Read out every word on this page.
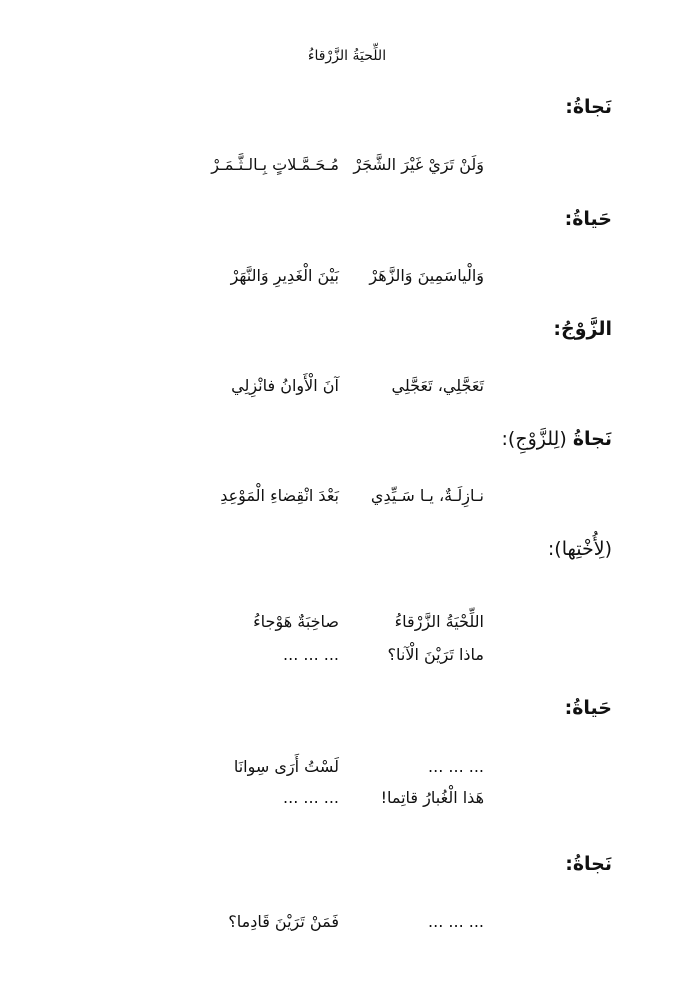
اللِّحيَةُ الزَّرْقاءُ
نَجاةُ:
وَلَنْ تَرَيْ غَيْرَ الشَّجَرْ
مُـحَـمَّـلاتٍ بِـالـثَّـمَـرْ
حَياةُ:
وَالْياسَمِينَ وَالزَّهَرْ
بَيْنَ الْغَدِيرِ وَالنَّهَرْ
الزَّوْجُ:
تَعَجَّلِي، تَعَجَّلِي
آنَ الْأَوانُ فانْزِلِي
نَجاةُ (لِلزَّوْجِ):
نـازِلَـةٌ، يـا سَـيِّدِي
بَعْدَ انْقِضاءِ الْمَوْعِدِ
(لِأُخْتِها):
اللِّحْيَةُ الزَّرْقاءُ
صاخِبَةٌ هَوْجاءُ
ماذا تَرَيْنَ الْآنا؟
... ... ...
حَياةُ:
... ... ...
لَسْتُ أَرَى سِوانَا
هَذا الْغُبارُ قاتِما!
... ... ...
نَجاةُ:
... ... ...
فَمَنْ تَرَيْنَ قَادِما؟
